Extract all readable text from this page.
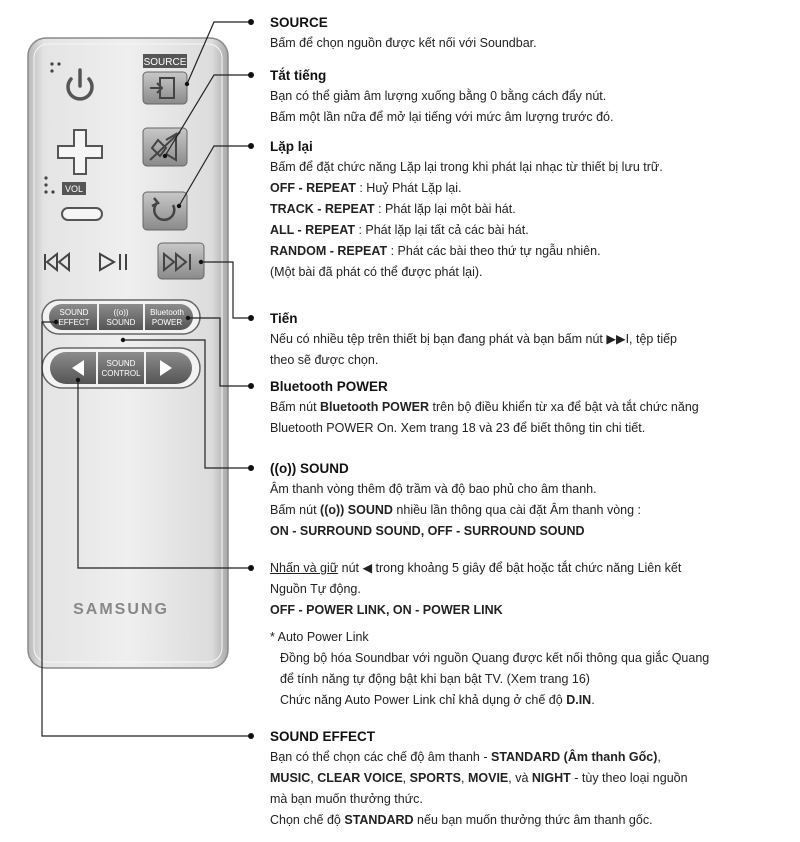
SOURCE
VOL
SOUND
EFFECT
((o))
SOUND
Bluetooth
POWER
SOUND
CONTROL
SAMSUNG

SOURCE

Bấm để chọn nguồn được kết nối với Soundbar.

Tắt tiếng

Bạn có thể giảm âm lượng xuống bằng 0 bằng cách đẩy nút.

Bấm một lần nữa để mở lại tiếng với mức âm lượng trước đó.

Lặp lại

Bấm để đặt chức năng Lặp lại trong khi phát lại nhạc từ thiết bị lưu trữ.

OFF - REPEAT : Huỷ Phát Lặp lại.

TRACK - REPEAT : Phát lặp lại một bài hát.

ALL - REPEAT : Phát lặp lại tất cả các bài hát.

RANDOM - REPEAT : Phát các bài theo thứ tự ngẫu nhiên.

(Một bài đã phát có thể được phát lại).

Tiến

Nếu có nhiều tệp trên thiết bị bạn đang phát và bạn bấm nút ▶▶I, tệp tiếp

theo sẽ được chọn.

Bluetooth POWER

Bấm nút Bluetooth POWER trên bộ điều khiển từ xa để bật và tắt chức năng

Bluetooth POWER On. Xem trang 18 và 23 để biết thông tin chi tiết.

((o)) SOUND

Âm thanh vòng thêm độ trầm và độ bao phủ cho âm thanh.

Bấm nút ((o)) SOUND nhiều lần thông qua cài đặt Âm thanh vòng :

ON - SURROUND SOUND, OFF - SURROUND SOUND

Nhấn và giữ nút ◀ trong khoảng 5 giây để bật hoặc tắt chức năng Liên kết

Nguồn Tự động.

OFF - POWER LINK, ON - POWER LINK

* Auto Power Link

Đồng bộ hóa Soundbar với nguồn Quang được kết nối thông qua giắc Quang

để tính năng tự động bật khi bạn bật TV. (Xem trang 16)

Chức năng Auto Power Link chỉ khả dụng ở chế độ D.IN.

SOUND EFFECT

Bạn có thể chọn các chế độ âm thanh - STANDARD (Âm thanh Gốc),

MUSIC, CLEAR VOICE, SPORTS, MOVIE, và NIGHT - tùy theo loại nguồn

mà bạn muốn thưởng thức.

Chọn chế độ STANDARD nếu bạn muốn thưởng thức âm thanh gốc.
